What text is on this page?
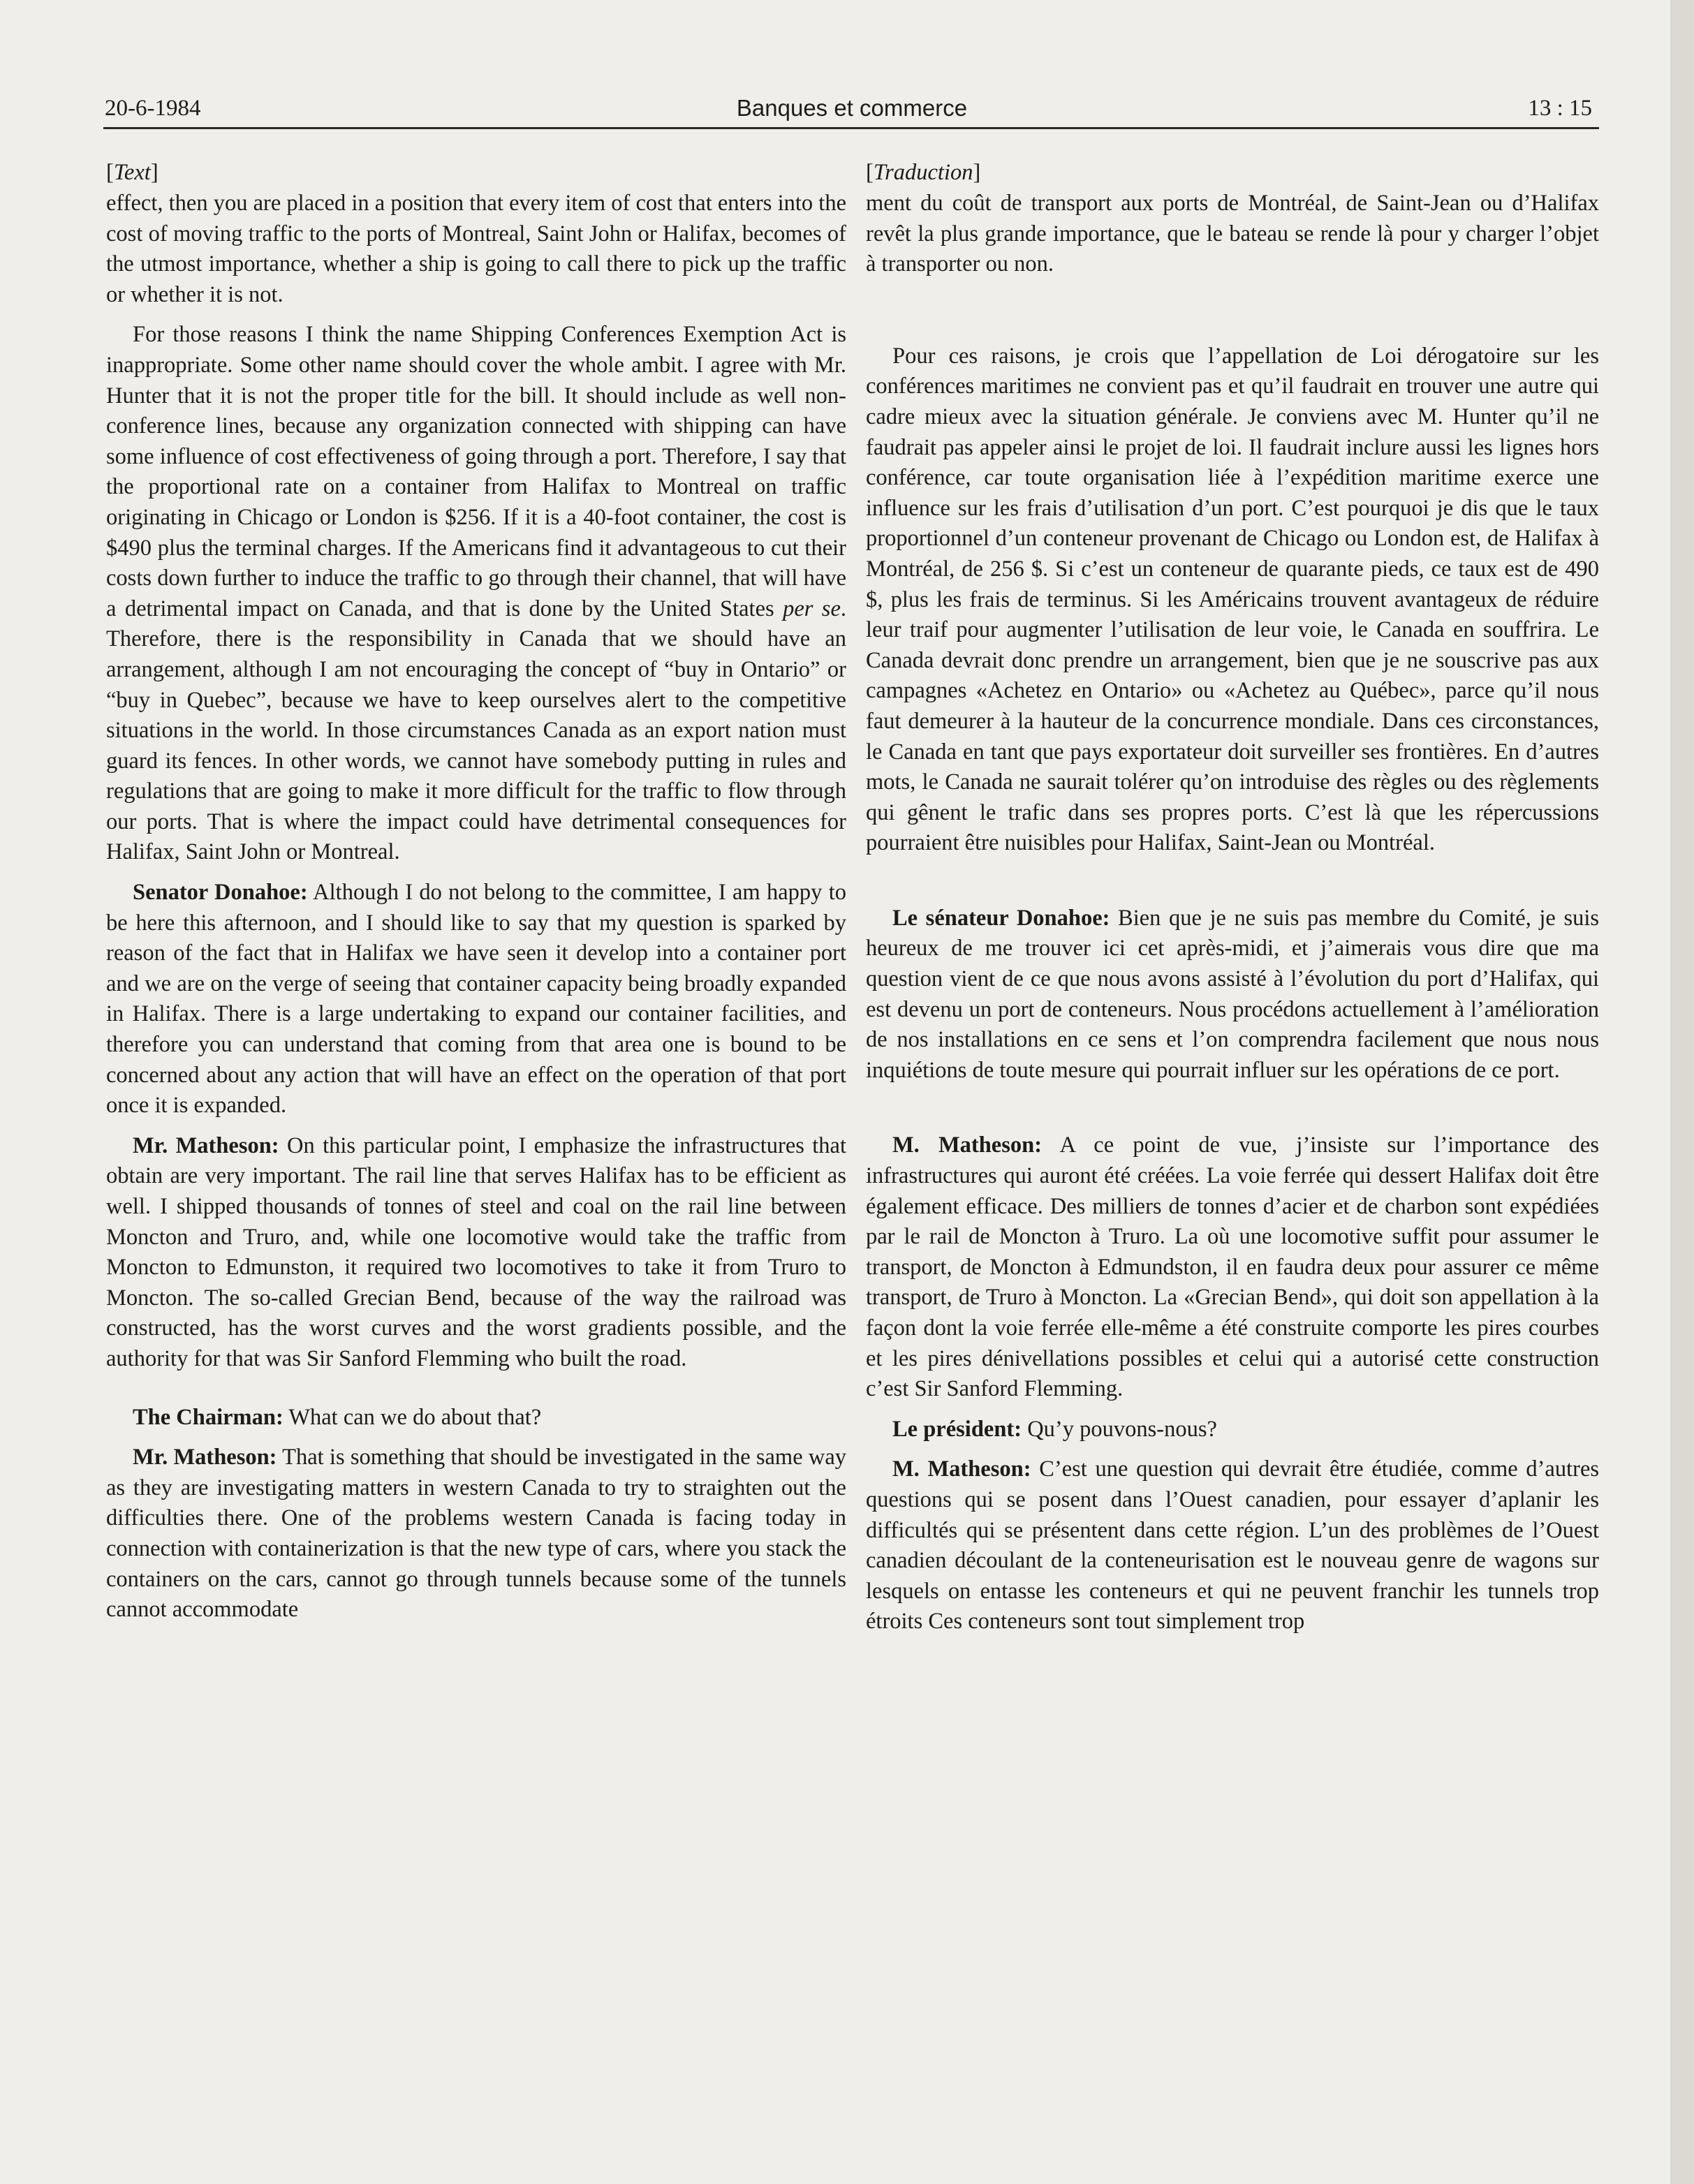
20-6-1984	Banques et commerce	13 : 15
[Text]

effect, then you are placed in a position that every item of cost that enters into the cost of moving traffic to the ports of Montreal, Saint John or Halifax, becomes of the utmost importance, whether a ship is going to call there to pick up the traffic or whether it is not.

For those reasons I think the name Shipping Conferences Exemption Act is inappropriate. Some other name should cover the whole ambit. I agree with Mr. Hunter that it is not the proper title for the bill. It should include as well non-conference lines, because any organization connected with shipping can have some influence of cost effectiveness of going through a port. Therefore, I say that the proportional rate on a container from Halifax to Montreal on traffic originating in Chicago or London is $256. If it is a 40-foot container, the cost is $490 plus the terminal charges. If the Americans find it advantageous to cut their costs down further to induce the traffic to go through their channel, that will have a detrimental impact on Canada, and that is done by the United States per se. Therefore, there is the responsibility in Canada that we should have an arrangement, although I am not encouraging the concept of “buy in Ontario” or “buy in Quebec”, because we have to keep ourselves alert to the competitive situations in the world. In those circumstances Canada as an export nation must guard its fences. In other words, we cannot have somebody putting in rules and regulations that are going to make it more difficult for the traffic to flow through our ports. That is where the impact could have detrimental consequences for Halifax, Saint John or Montreal.

Senator Donahoe: Although I do not belong to the committee, I am happy to be here this afternoon, and I should like to say that my question is sparked by reason of the fact that in Halifax we have seen it develop into a container port and we are on the verge of seeing that container capacity being broadly expanded in Halifax. There is a large undertaking to expand our container facilities, and therefore you can understand that coming from that area one is bound to be concerned about any action that will have an effect on the operation of that port once it is expanded.

Mr. Matheson: On this particular point, I emphasize the infrastructures that obtain are very important. The rail line that serves Halifax has to be efficient as well. I shipped thousands of tonnes of steel and coal on the rail line between Moncton and Truro, and, while one locomotive would take the traffic from Moncton to Edmunston, it required two locomotives to take it from Truro to Moncton. The so-called Grecian Bend, because of the way the railroad was constructed, has the worst curves and the worst gradients possible, and the authority for that was Sir Sanford Flemming who built the road.

The Chairman: What can we do about that?

Mr. Matheson: That is something that should be investigated in the same way as they are investigating matters in western Canada to try to straighten out the difficulties there. One of the problems western Canada is facing today in connection with containerization is that the new type of cars, where you stack the containers on the cars, cannot go through tunnels because some of the tunnels cannot accommodate

[Traduction]

ment du coût de transport aux ports de Montréal, de Saint-Jean ou d’Halifax revêt la plus grande importance, que le bateau se rende là pour y charger l’objet à transporter ou non.

Pour ces raisons, je crois que l’appellation de Loi dérogatoire sur les conférences maritimes ne convient pas et qu’il faudrait en trouver une autre qui cadre mieux avec la situation générale. Je conviens avec M. Hunter qu’il ne faudrait pas appeler ainsi le projet de loi. Il faudrait inclure aussi les lignes hors conférence, car toute organisation liée à l’expédition maritime exerce une influence sur les frais d’utilisation d’un port. C’est pourquoi je dis que le taux proportionnel d’un conteneur provenant de Chicago ou London est, de Halifax à Montréal, de 256 $. Si c’est un conteneur de quarante pieds, ce taux est de 490 $, plus les frais de terminus. Si les Américains trouvent avantageux de réduire leur traif pour augmenter l’utilisation de leur voie, le Canada en souffrira. Le Canada devrait donc prendre un arrangement, bien que je ne souscrive pas aux campagnes «Achetez en Ontario» ou «Achetez au Québec», parce qu’il nous faut demeurer à la hauteur de la concurrence mondiale. Dans ces circonstances, le Canada en tant que pays exportateur doit surveiller ses frontières. En d’autres mots, le Canada ne saurait tolérer qu’on introduise des règles ou des règlements qui gênent le trafic dans ses propres ports. C’est là que les répercussions pourraient être nuisibles pour Halifax, Saint-Jean ou Montréal.

Le sénateur Donahoe: Bien que je ne suis pas membre du Comité, je suis heureux de me trouver ici cet après-midi, et j’aimerais vous dire que ma question vient de ce que nous avons assisté à l’évolution du port d’Halifax, qui est devenu un port de conteneurs. Nous procédons actuellement à l’amélioration de nos installations en ce sens et l’on comprendra facilement que nous nous inquiétions de toute mesure qui pourrait influer sur les opérations de ce port.

M. Matheson: A ce point de vue, j’insiste sur l’importance des infrastructures qui auront été créées. La voie ferrée qui dessert Halifax doit être également efficace. Des milliers de tonnes d’acier et de charbon sont expédiées par le rail de Moncton à Truro. La où une locomotive suffit pour assumer le transport, de Moncton à Edmundston, il en faudra deux pour assurer ce même transport, de Truro à Moncton. La «Grecian Bend», qui doit son appellation à la façon dont la voie ferrée elle-même a été construite comporte les pires courbes et les pires dénivellations possibles et celui qui a autorisé cette construction c’est Sir Sanford Flemming.

Le président: Qu’y pouvons-nous?

M. Matheson: C’est une question qui devrait être étudiée, comme d’autres questions qui se posent dans l’Ouest canadien, pour essayer d’aplanir les difficultés qui se présentent dans cette région. L’un des problèmes de l’Ouest canadien découlant de la conteneurisation est le nouveau genre de wagons sur lesquels on entasse les conteneurs et qui ne peuvent franchir les tunnels trop étroits Ces conteneurs sont tout simplement trop
